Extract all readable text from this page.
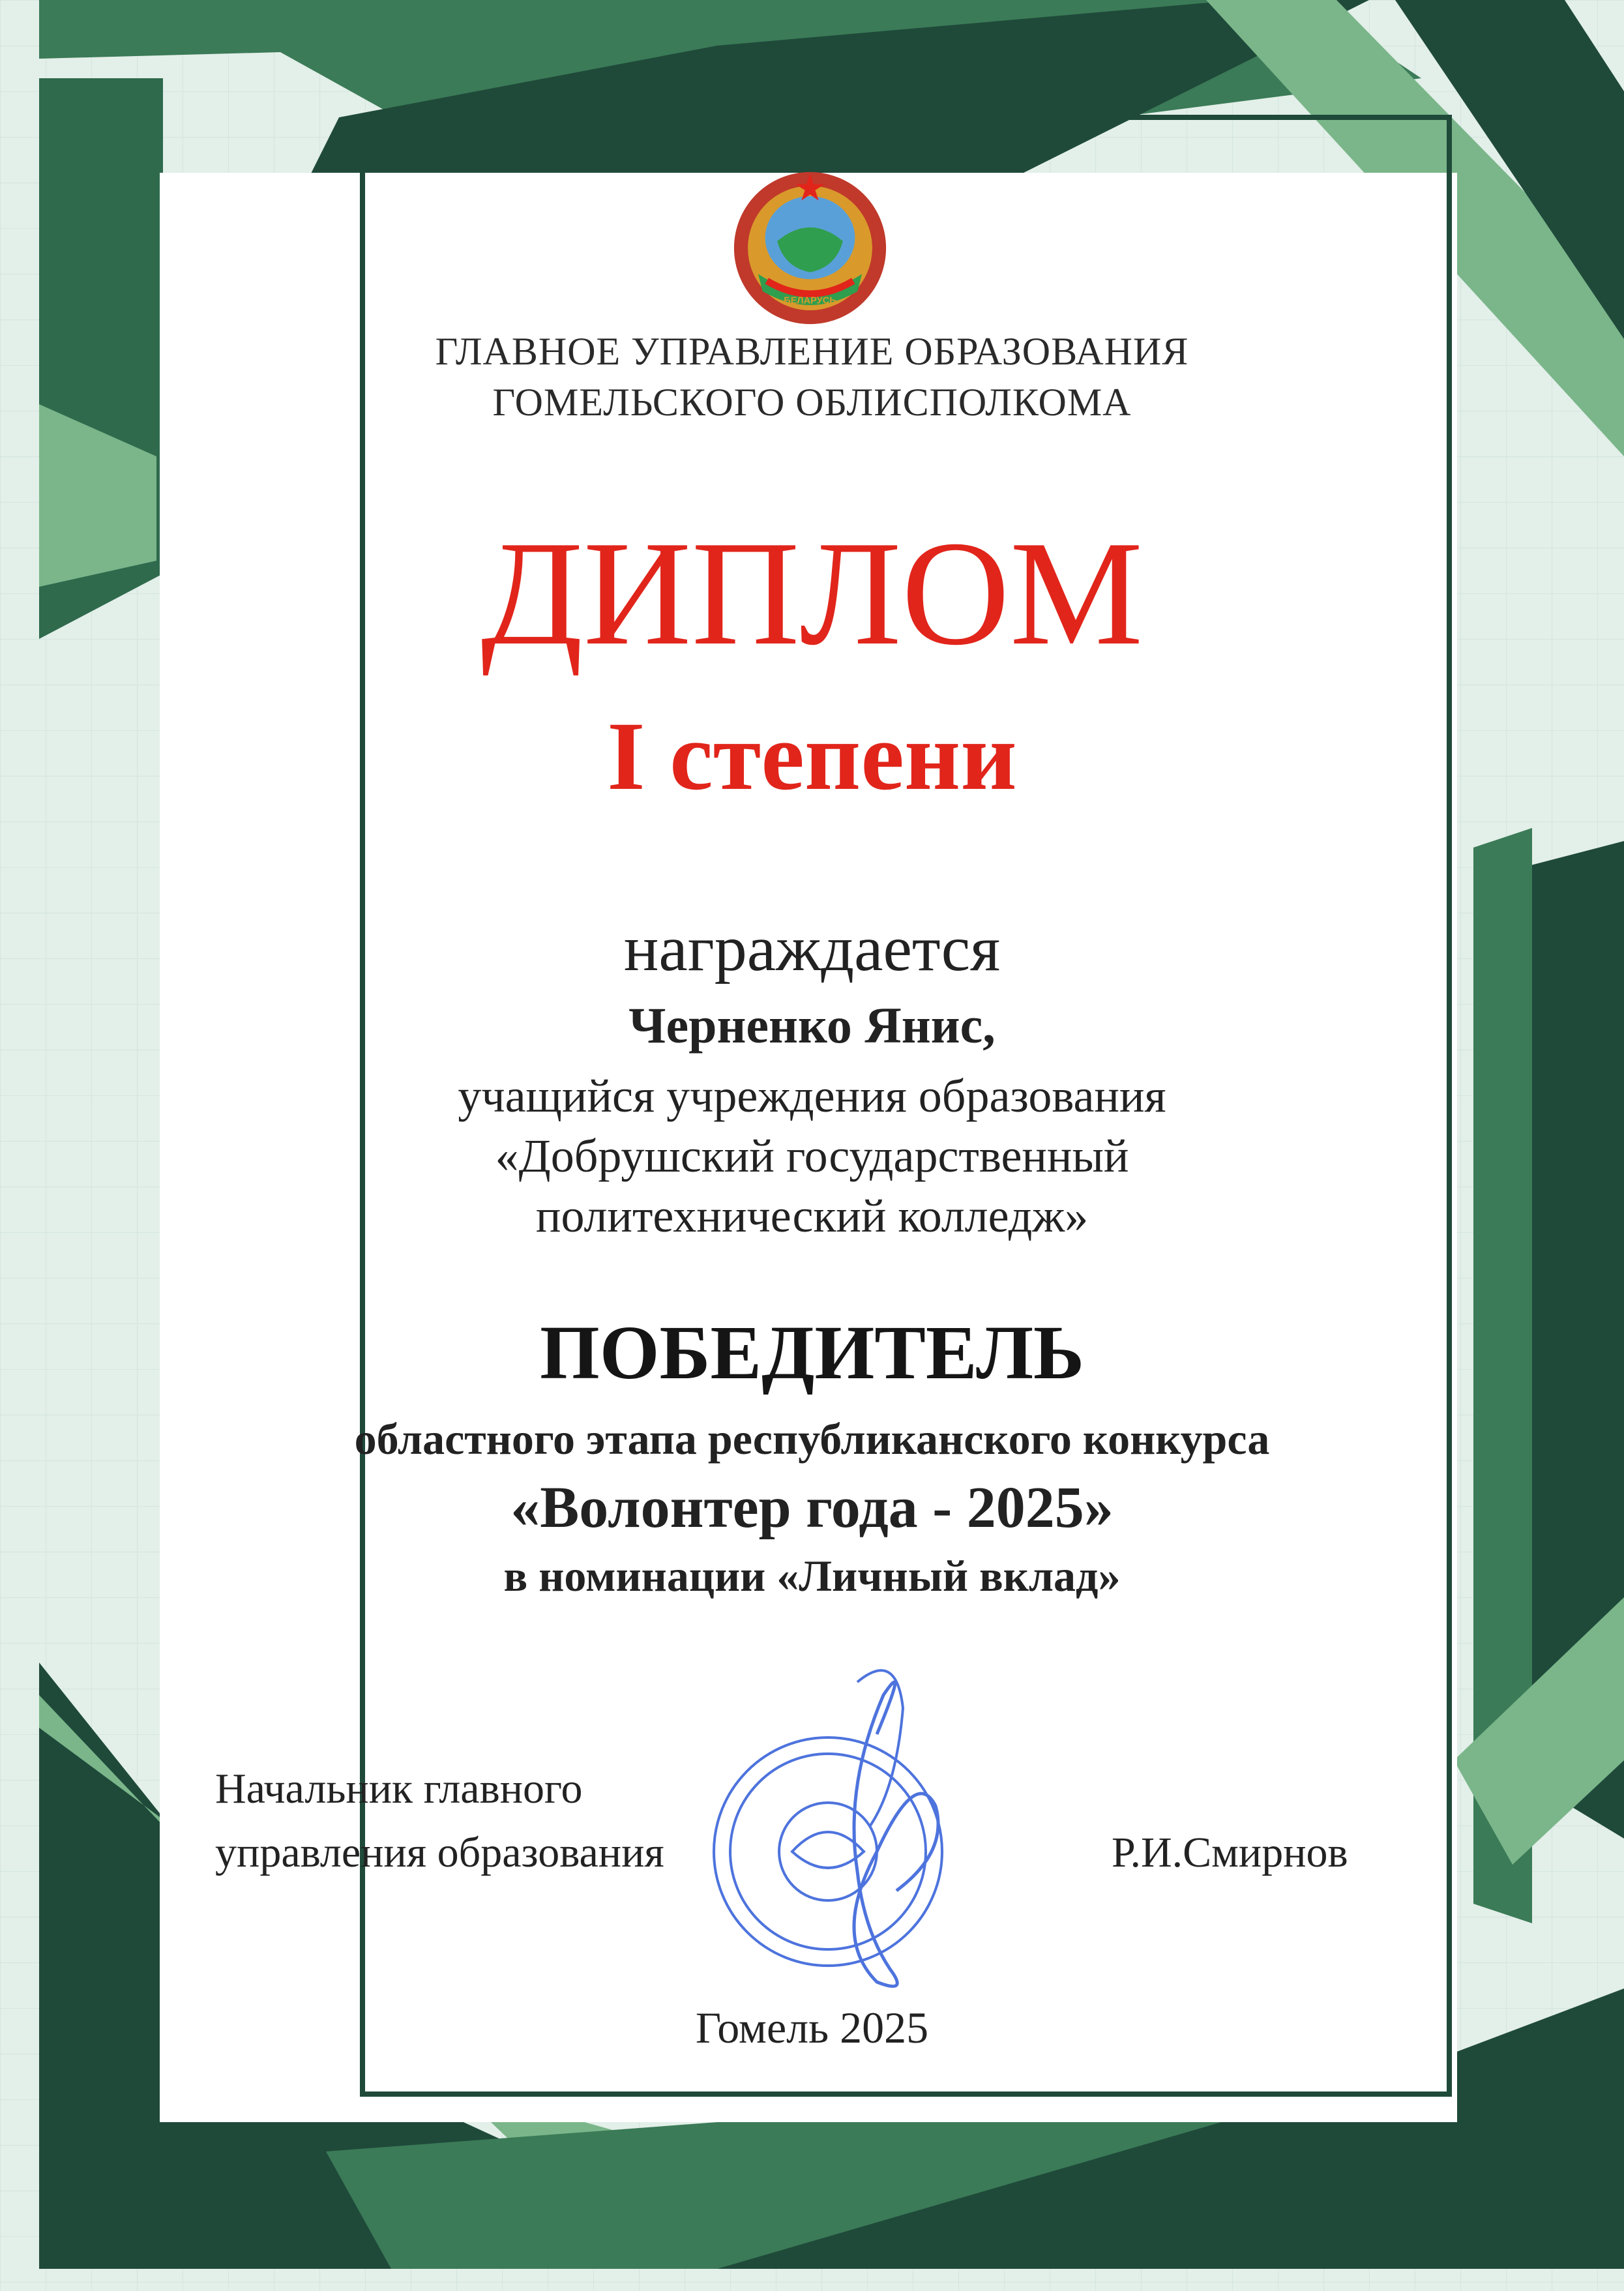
БЕЛАРУСЬ
ГЛАВНОЕ УПРАВЛЕНИЕ ОБРАЗОВАНИЯ
ГОМЕЛЬСКОГО ОБЛИСПОЛКОМА
ДИПЛОМ
I степени
награждается
Черненко Янис,
учащийся учреждения образования
«Добрушский государственный
политехнический колледж»
ПОБЕДИТЕЛЬ
областного этапа республиканского конкурса
«Волонтер года - 2025»
в номинации «Личный вклад»
Начальник главного
управления образования	Р.И.Смирнов
Гомель 2025
